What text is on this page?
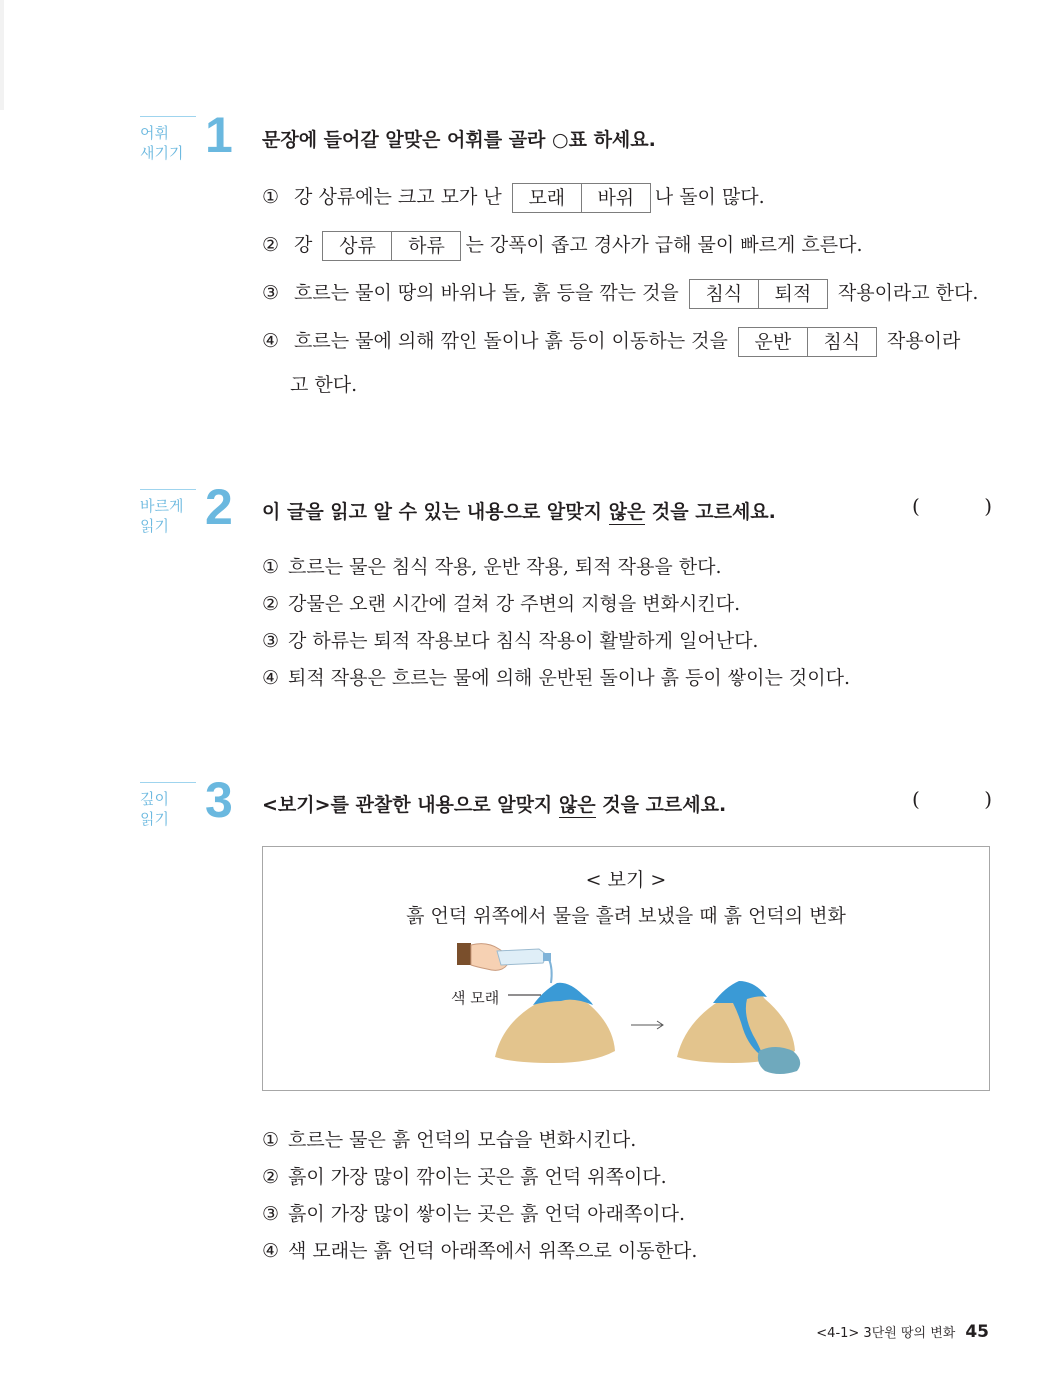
어휘
새기기 1 문장에 들어갈 알맞은 어휘를 골라 ○표 하세요.
① 강 상류에는 크고 모가 난	모래	바위	나 돌이 많다.
② 강	상류	하류	는 강폭이 좁고 경사가 급해 물이 빠르게 흐른다.
③ 흐르는 물이 땅의 바위나 돌, 흙 등을 깎는 것을	침식	퇴적	작용이라고 한다.
④ 흐르는 물에 의해 깎인 돌이나 흙 등이 이동하는 것을	운반	침식	작용이라
고 한다.
바르게
읽기 2 이 글을 읽고 알 수 있는 내용으로 알맞지 않은 것을 고르세요.	(	)
① 흐르는 물은 침식 작용, 운반 작용, 퇴적 작용을 한다.
② 강물은 오랜 시간에 걸쳐 강 주변의 지형을 변화시킨다.
③ 강 하류는 퇴적 작용보다 침식 작용이 활발하게 일어난다.
④ 퇴적 작용은 흐르는 물에 의해 운반된 돌이나 흙 등이 쌓이는 것이다.
깊이
읽기 3 <보기>를 관찰한 내용으로 알맞지 않은 것을 고르세요.	(	)
< 보기 >
흙 언덕 위쪽에서 물을 흘려 보냈을 때 흙 언덕의 변화
색 모래
① 흐르는 물은 흙 언덕의 모습을 변화시킨다.
② 흙이 가장 많이 깎이는 곳은 흙 언덕 위쪽이다.
③ 흙이 가장 많이 쌓이는 곳은 흙 언덕 아래쪽이다.
④ 색 모래는 흙 언덕 아래쪽에서 위쪽으로 이동한다.
<4-1> 3단원 땅의 변화 45
